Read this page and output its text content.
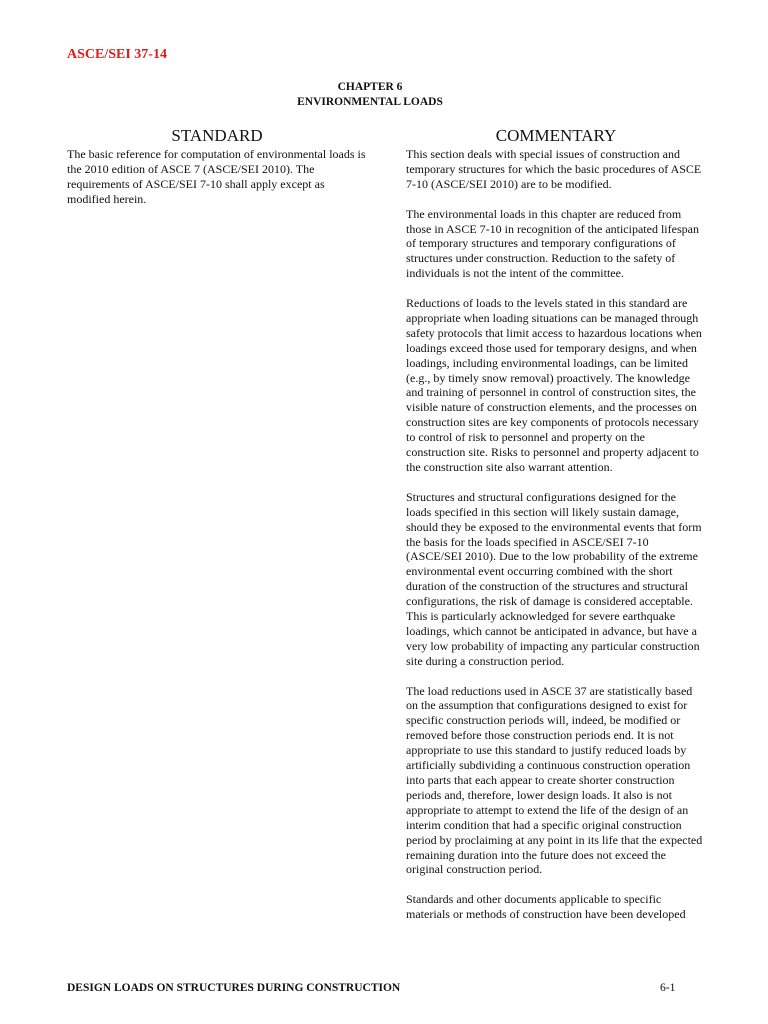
ASCE/SEI 37-14
CHAPTER 6
ENVIRONMENTAL LOADS
STANDARD	COMMENTARY

The basic reference for computation of environmental loads is the 2010 edition of ASCE 7 (ASCE/SEI 2010). The requirements of ASCE/SEI 7-10 shall apply except as modified herein.

This section deals with special issues of construction and temporary structures for which the basic procedures of ASCE 7-10 (ASCE/SEI 2010) are to be modified.

The environmental loads in this chapter are reduced from those in ASCE 7-10 in recognition of the anticipated lifespan of temporary structures and temporary configurations of structures under construction. Reduction to the safety of individuals is not the intent of the committee.

Reductions of loads to the levels stated in this standard are appropriate when loading situations can be managed through safety protocols that limit access to hazardous locations when loadings exceed those used for temporary designs, and when loadings, including environmental loadings, can be limited (e.g., by timely snow removal) proactively. The knowledge and training of personnel in control of construction sites, the visible nature of construction elements, and the processes on construction sites are key components of protocols necessary to control of risk to personnel and property on the construction site. Risks to personnel and property adjacent to the construction site also warrant attention.

Structures and structural configurations designed for the loads specified in this section will likely sustain damage, should they be exposed to the environmental events that form the basis for the loads specified in ASCE/SEI 7-10 (ASCE/SEI 2010). Due to the low probability of the extreme environmental event occurring combined with the short duration of the construction of the structures and structural configurations, the risk of damage is considered acceptable. This is particularly acknowledged for severe earthquake loadings, which cannot be anticipated in advance, but have a very low probability of impacting any particular construction site during a construction period.

The load reductions used in ASCE 37 are statistically based on the assumption that configurations designed to exist for specific construction periods will, indeed, be modified or removed before those construction periods end. It is not appropriate to use this standard to justify reduced loads by artificially subdividing a continuous construction operation into parts that each appear to create shorter construction periods and, therefore, lower design loads. It also is not appropriate to attempt to extend the life of the design of an interim condition that had a specific original construction period by proclaiming at any point in its life that the expected remaining duration into the future does not exceed the original construction period.

Standards and other documents applicable to specific materials or methods of construction have been developed

DESIGN LOADS ON STRUCTURES DURING CONSTRUCTION	6-1
